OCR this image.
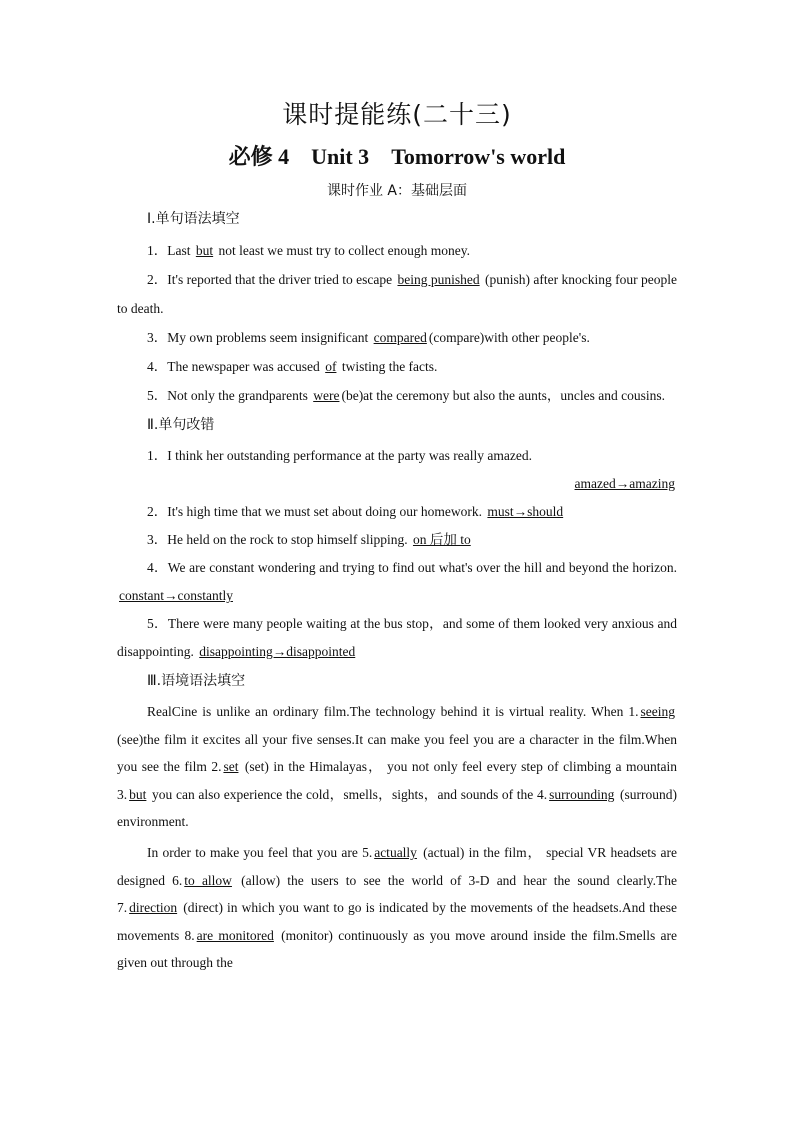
课时提能练(二十三)
必修 4 Unit 3 Tomorrow's world
课时作业 A：基础层面
Ⅰ.单句语法填空

1．Last but not least we must try to collect enough money.

2．It's reported that the driver tried to escape being punished (punish) after knocking four people to death.

3．My own problems seem insignificant compared (compare)with other people's.

4．The newspaper was accused of twisting the facts.

5．Not only the grandparents were (be)at the ceremony but also the aunts，uncles and cousins.

Ⅱ.单句改错

1．I think her outstanding performance at the party was really amazed.

amazed→amazing

2．It's high time that we must set about doing our homework. must→should

3．He held on the rock to stop himself slipping. on 后加 to

4．We are constant wondering and trying to find out what's over the hill and beyond the horizon. constant→constantly

5．There were many people waiting at the bus stop，and some of them looked very anxious and disappointing. disappointing→disappointed

Ⅲ.语境语法填空

RealCine is unlike an ordinary film.The technology behind it is virtual reality. When 1. seeing (see)the film it excites all your five senses.It can make you feel you are a character in the film.When you see the film 2. set (set) in the Himalayas， you not only feel every step of climbing a mountain 3. but you can also experience the cold，smells，sights，and sounds of the 4. surrounding (surround) environment.

In order to make you feel that you are 5. actually (actual) in the film， special VR headsets are designed 6. to allow (allow) the users to see the world of 3-D and hear the sound clearly.The 7. direction (direct) in which you want to go is indicated by the movements of the headsets.And these movements 8. are monitored (monitor) continuously as you move around inside the film.Smells are given out through the
